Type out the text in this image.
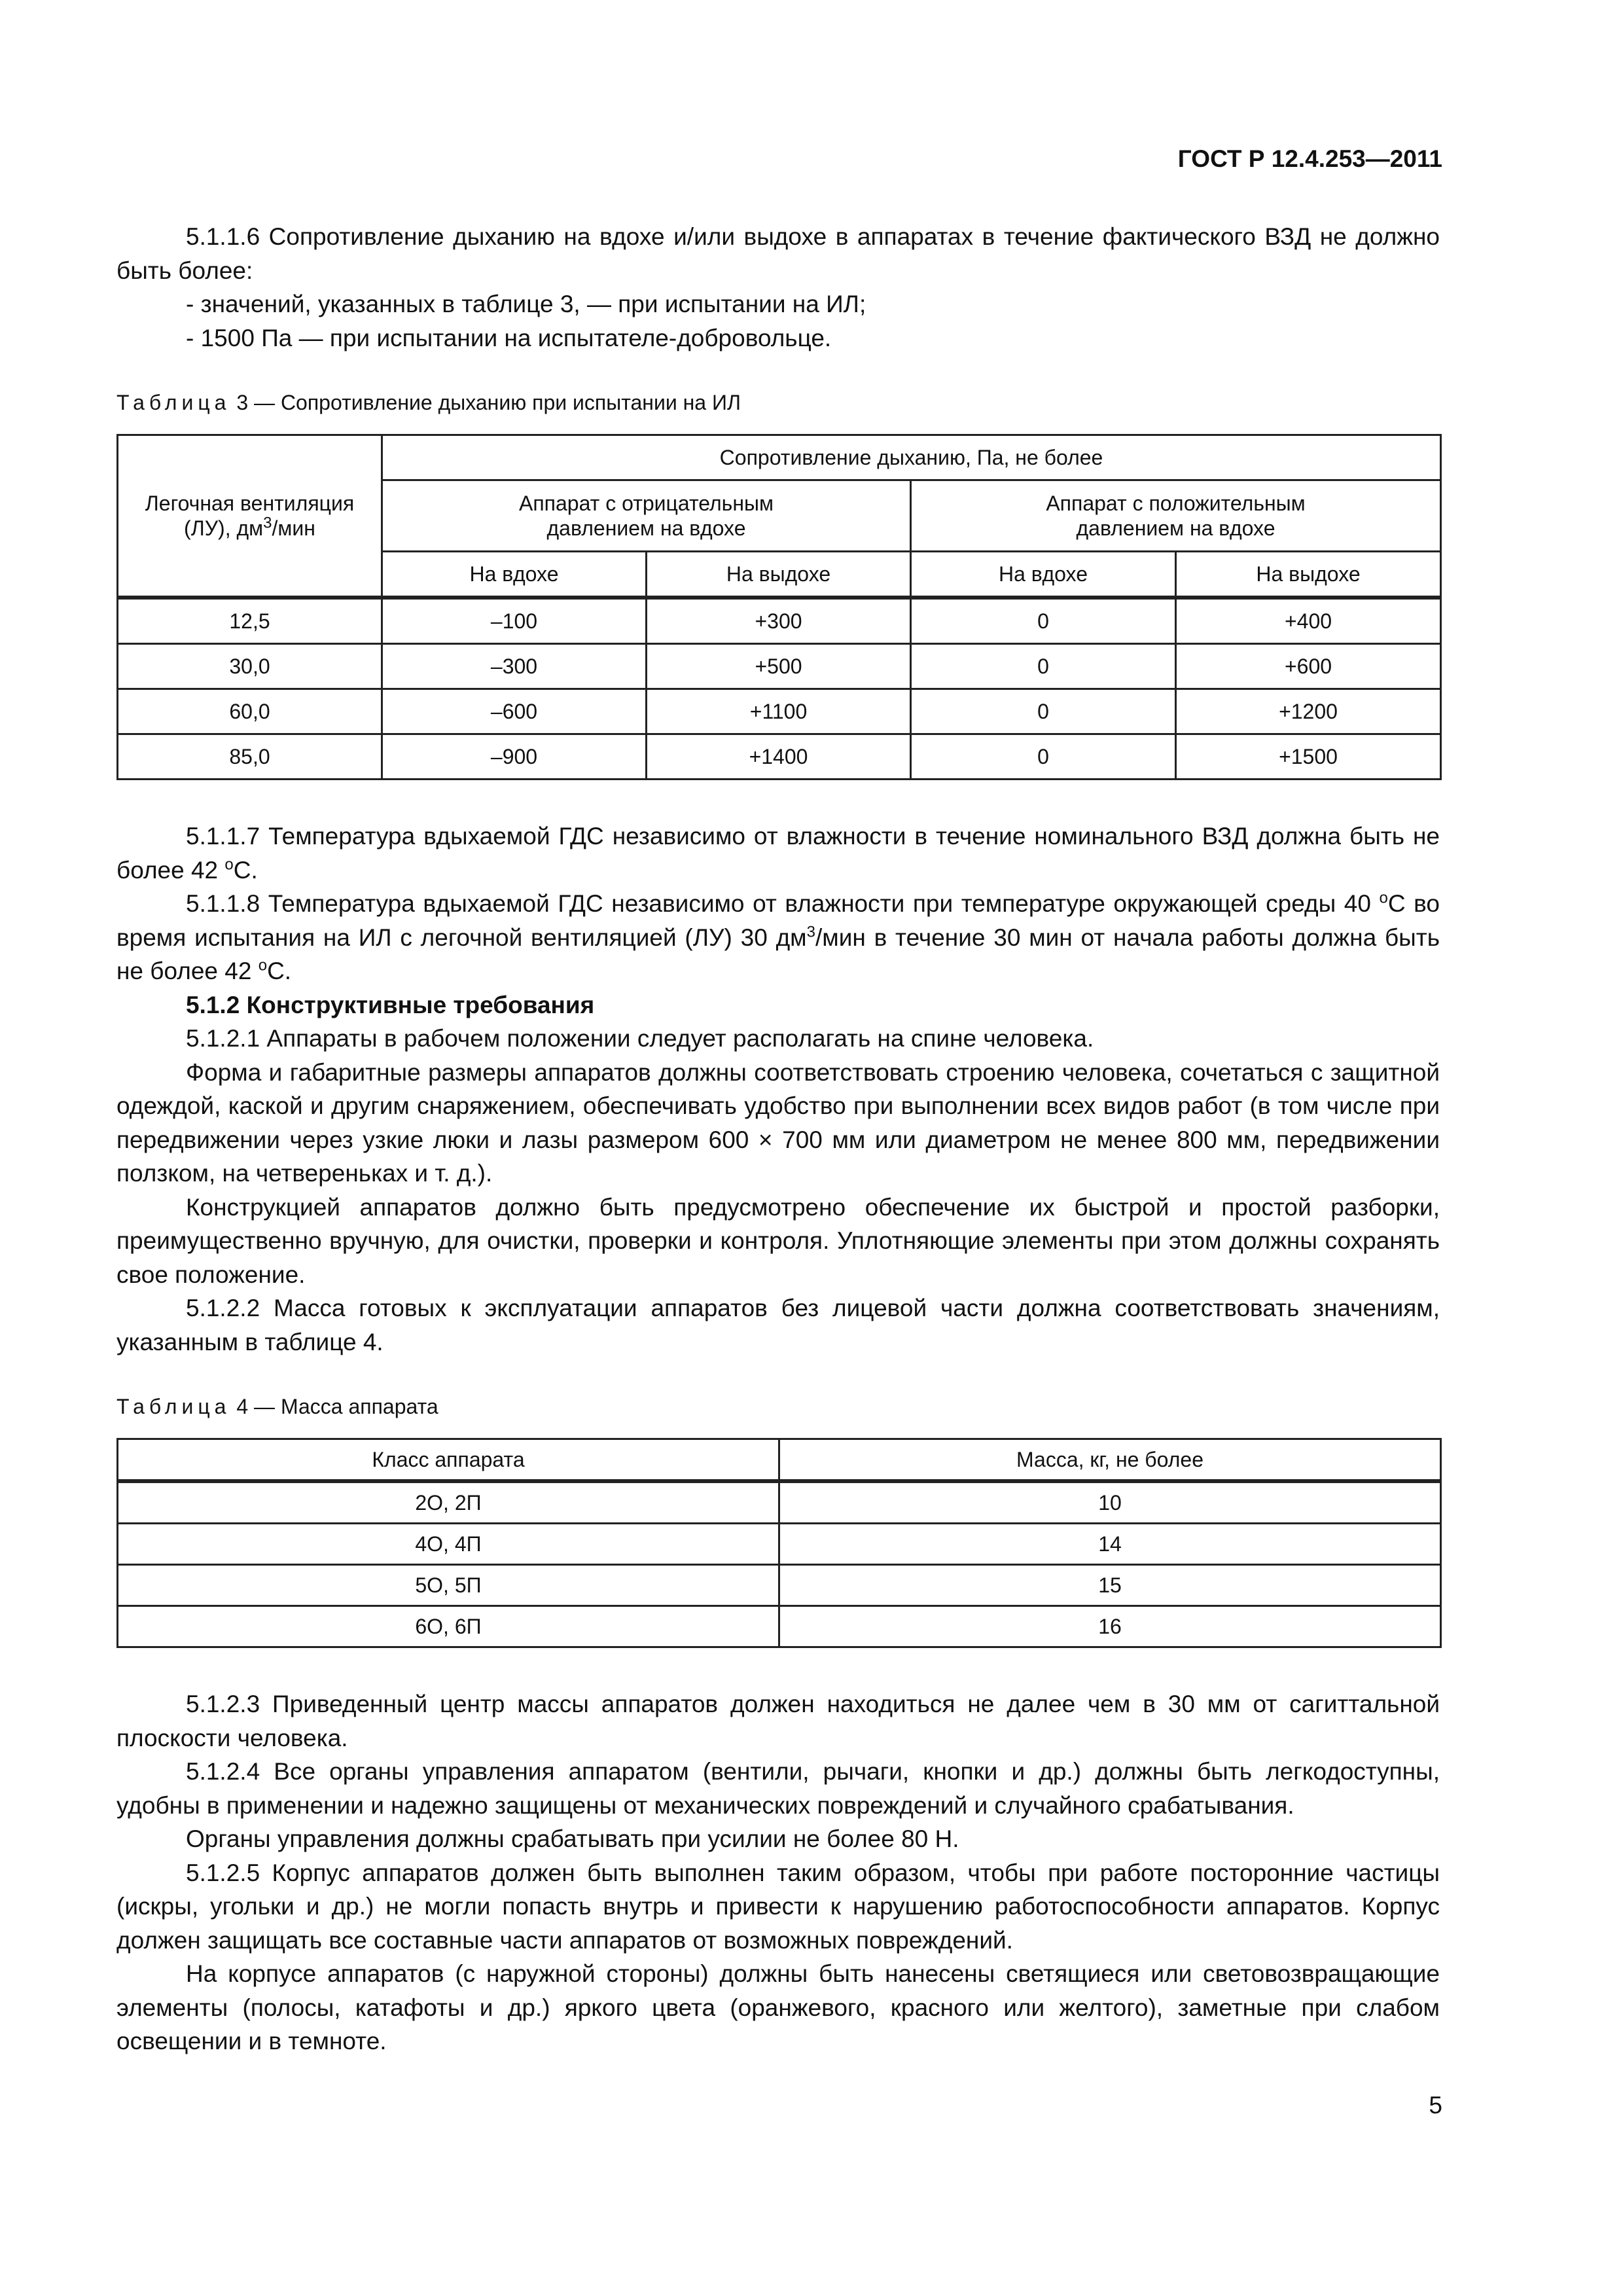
ГОСТ Р 12.4.253—2011

5.1.1.6 Сопротивление дыханию на вдохе и/или выдохе в аппаратах в течение фактического ВЗД не должно быть более:

- значений, указанных в таблице 3, — при испытании на ИЛ;

- 1500 Па — при испытании на испытателе-добровольце.

Таблица 3 — Сопротивление дыханию при испытании на ИЛ

Легочная вентиляция
(ЛУ), $дм^3$/мин	Сопротивление дыханию, Па, не более			
	Аппарат с отрицательным
давлением на вдохе		Аппарат с положительным
давлением на вдохе	
	На вдохе	На выдохе	На вдохе	На выдохе
12,5	–100	+300	0	+400
30,0	–300	+500	0	+600
60,0	–600	+1100	0	+1200
85,0	–900	+1400	0	+1500

5.1.1.7 Температура вдыхаемой ГДС независимо от влажности в течение номинального ВЗД должна быть не более 42 $^о$С.

5.1.1.8 Температура вдыхаемой ГДС независимо от влажности при температуре окружающей среды 40 $^о$С во время испытания на ИЛ с легочной вентиляцией (ЛУ) 30 $дм^3$/мин в течение 30 мин от начала работы должна быть не более 42 $^о$С.

5.1.2 Конструктивные требования

5.1.2.1 Аппараты в рабочем положении следует располагать на спине человека.

Форма и габаритные размеры аппаратов должны соответствовать строению человека, сочетаться с защитной одеждой, каской и другим снаряжением, обеспечивать удобство при выполнении всех видов работ (в том числе при передвижении через узкие люки и лазы размером 600 × 700 мм или диаметром не менее 800 мм, передвижении ползком, на четвереньках и т. д.).

Конструкцией аппаратов должно быть предусмотрено обеспечение их быстрой и простой разборки, преимущественно вручную, для очистки, проверки и контроля. Уплотняющие элементы при этом должны сохранять свое положение.

5.1.2.2 Масса готовых к эксплуатации аппаратов без лицевой части должна соответствовать значениям, указанным в таблице 4.

Таблица 4 — Масса аппарата

Класс аппарата	Масса, кг, не более
2О, 2П	10
4О, 4П	14
5О, 5П	15
6О, 6П	16

5.1.2.3 Приведенный центр массы аппаратов должен находиться не далее чем в 30 мм от сагиттальной плоскости человека.

5.1.2.4 Все органы управления аппаратом (вентили, рычаги, кнопки и др.) должны быть легкодоступны, удобны в применении и надежно защищены от механических повреждений и случайного срабатывания.

Органы управления должны срабатывать при усилии не более 80 Н.

5.1.2.5 Корпус аппаратов должен быть выполнен таким образом, чтобы при работе посторонние частицы (искры, угольки и др.) не могли попасть внутрь и привести к нарушению работоспособности аппаратов. Корпус должен защищать все составные части аппаратов от возможных повреждений.

На корпусе аппаратов (с наружной стороны) должны быть нанесены светящиеся или световозвращающие элементы (полосы, катафоты и др.) яркого цвета (оранжевого, красного или желтого), заметные при слабом освещении и в темноте.

5
